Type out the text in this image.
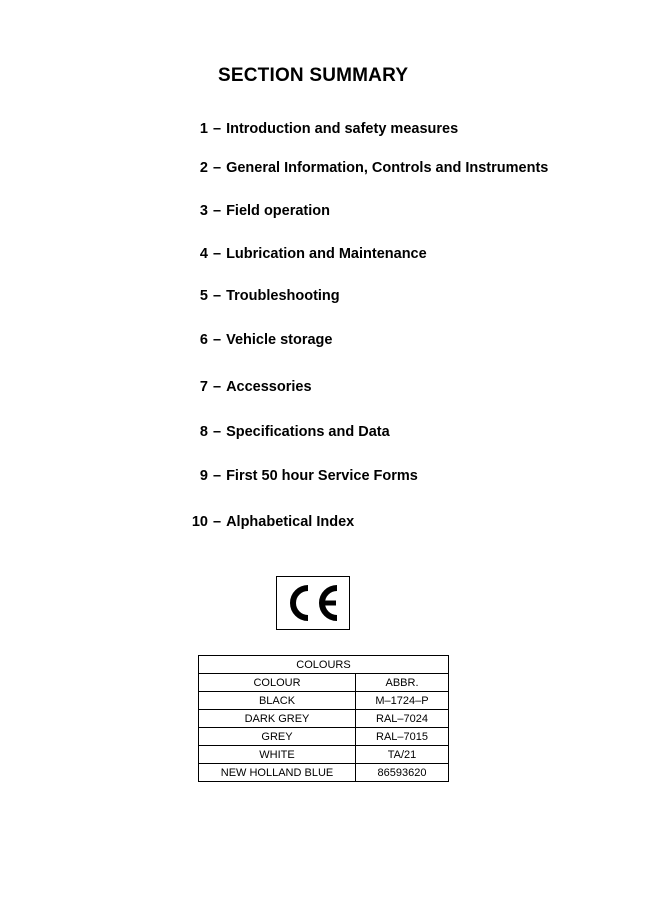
SECTION SUMMARY
1 – Introduction and safety measures
2 – General Information, Controls and Instruments
3 – Field operation
4 – Lubrication and Maintenance
5 – Troubleshooting
6 – Vehicle storage
7 – Accessories
8 – Specifications and Data
9 – First 50 hour Service Forms
10 – Alphabetical Index
COLOURS	
COLOUR	ABBR.
BLACK	M–1724–P
DARK GREY	RAL–7024
GREY	RAL–7015
WHITE	TA/21
NEW HOLLAND BLUE	86593620
